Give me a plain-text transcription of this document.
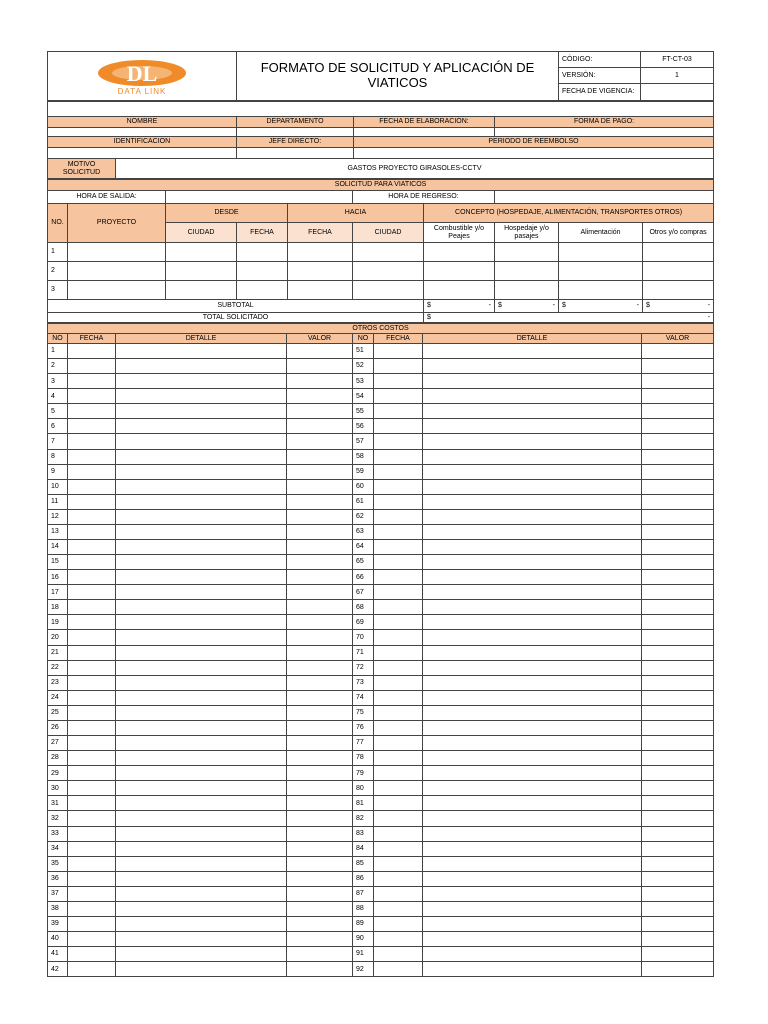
DL
DATA LINK	FORMATO DE SOLICITUD Y APLICACIÓN DE VIATICOS	CÓDIGO:	FT-CT-03
		VERSIÓN:	1
		FECHA DE VIGENCIA:	

NOMBRE		DEPARTAMENTO	FECHA DE ELABORACIÓN:	FORMA DE PAGO:

IDENTIFICACION		JEFE DIRECTO:	PERIODO DE REEMBOLSO	

MOTIVO SOLICITUD	GASTOS PROYECTO GIRASOLES-CCTV			
SOLICITUD PARA VIATICOS									
HORA DE SALIDA:					HORA DE REGRESO:				
NO.	PROYECTO	DESDE		HACIA		CONCEPTO (HOSPEDAJE, ALIMENTACIÓN, TRANSPORTES OTROS)			
		CIUDAD	FECHA	FECHA	CIUDAD	Combustible y/o Peajes	Hospedaje y/o pasajes	Alimentación	Otros y/o compras
1									
2									
3									
SUBTOTAL						$ -	$ -	$ -	$ -

TOTAL SOLICITADO						$ -			
OTROS COSTOS							
NO	FECHA	DETALLE	VALOR	NO	FECHA	DETALLE	VALOR
1				51			
2				52			
3				53			
4				54			
5				55			
6				56			
7				57			
8				58			
9				59			
10				60			
11				61			
12				62			
13				63			
14				64			
15				65			
16				66			
17				67			
18				68			
19				69			
20				70			
21				71			
22				72			
23				73			
24				74			
25				75			
26				76			
27				77			
28				78			
29				79			
30				80			
31				81			
32				82			
33				83			
34				84			
35				85			
36				86			
37				87			
38				88			
39				89			
40				90			
41				91			
42				92			
